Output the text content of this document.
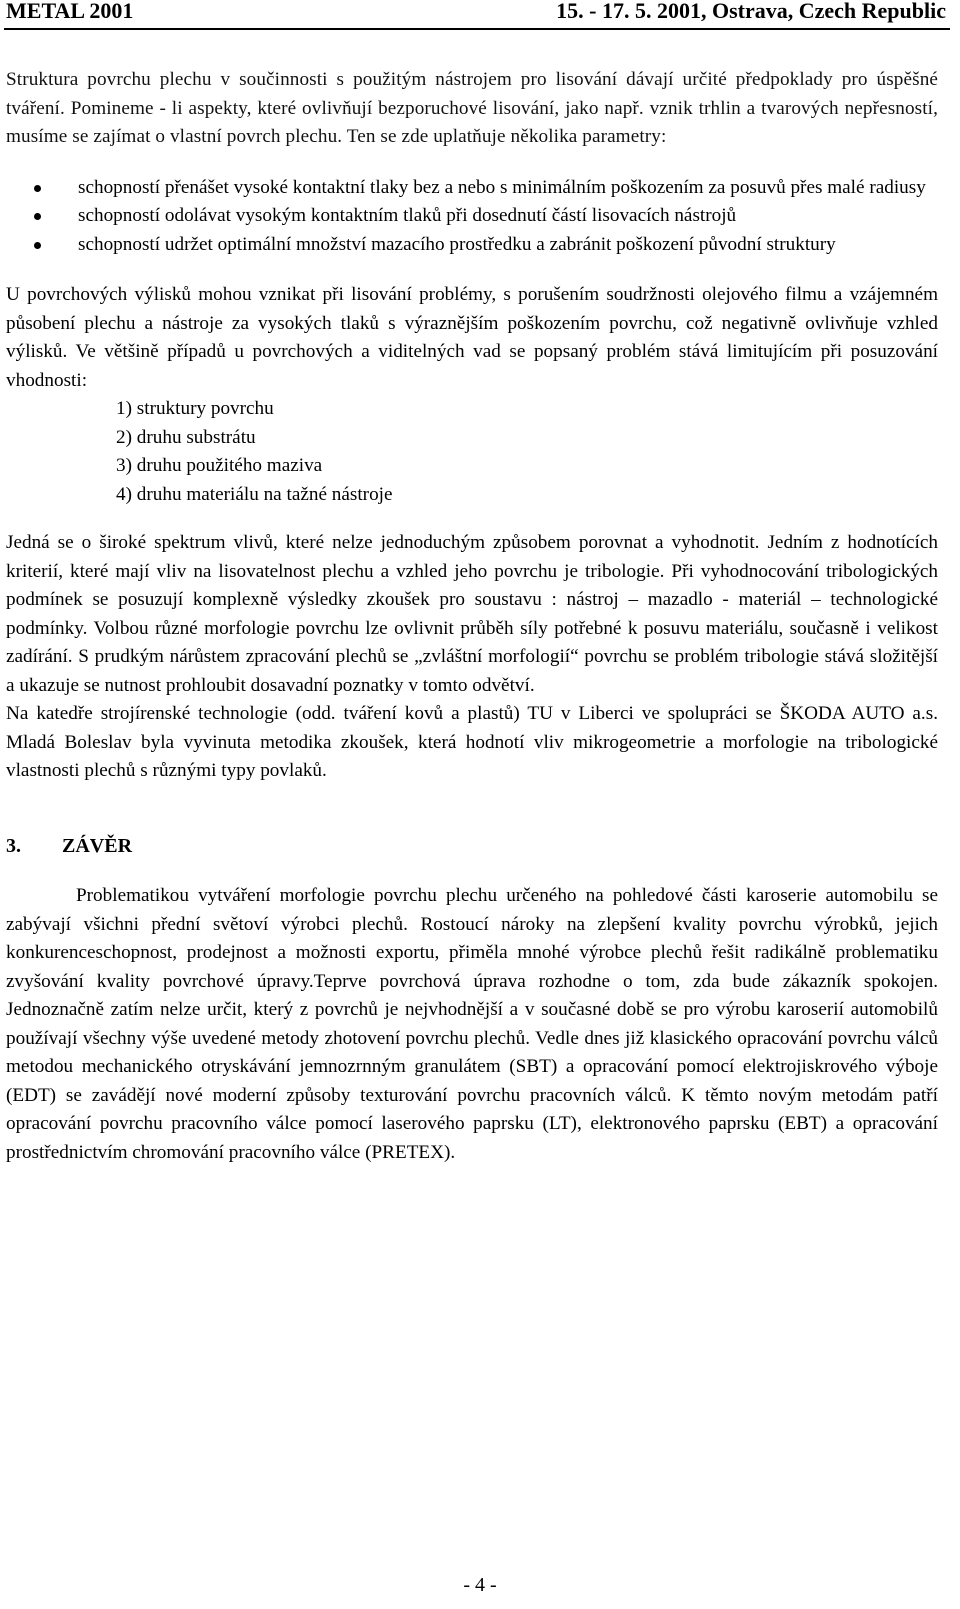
METAL 2001	15. - 17. 5. 2001, Ostrava, Czech Republic

Struktura povrchu plechu v součinnosti s použitým nástrojem pro lisování dávají určité předpoklady pro úspěšné tváření. Pomineme - li aspekty, které ovlivňují bezporuchové lisování, jako např. vznik trhlin a tvarových nepřesností, musíme se zajímat o vlastní povrch plechu. Ten se zde uplatňuje několika parametry:

schopností přenášet vysoké kontaktní tlaky bez a nebo s minimálním poškozením za posuvů přes malé radiusy
schopností odolávat vysokým kontaktním tlaků při dosednutí částí lisovacích nástrojů
schopností udržet optimální množství mazacího prostředku a zabránit poškození původní struktury

U povrchových výlisků mohou vznikat při lisování problémy, s porušením soudržnosti olejového filmu a vzájemném působení plechu a nástroje za vysokých tlaků s výraznějším poškozením povrchu, což negativně ovlivňuje vzhled výlisků. Ve většině případů u povrchových a viditelných vad se popsaný problém stává limitujícím při posuzování vhodnosti:

1) struktury povrchu
2) druhu substrátu
3) druhu použitého maziva
4) druhu materiálu na tažné nástroje

Jedná se o široké spektrum vlivů, které nelze jednoduchým způsobem porovnat a vyhodnotit. Jedním z hodnotících kriterií, které mají vliv na lisovatelnost plechu a vzhled jeho povrchu je tribologie. Při vyhodnocování tribologických podmínek se posuzují komplexně výsledky zkoušek pro soustavu : nástroj – mazadlo - materiál – technologické podmínky. Volbou různé morfologie povrchu lze ovlivnit průběh síly potřebné k posuvu materiálu, současně i velikost zadírání. S prudkým nárůstem zpracování plechů se „zvláštní morfologií“ povrchu se problém tribologie stává složitější a ukazuje se nutnost prohloubit dosavadní poznatky v tomto odvětví.

Na katedře strojírenské technologie (odd. tváření kovů a plastů) TU v Liberci ve spolupráci se ŠKODA AUTO a.s. Mladá Boleslav byla vyvinuta metodika zkoušek, která hodnotí vliv mikrogeometrie a morfologie na tribologické vlastnosti plechů s různými typy povlaků.

3. ZÁVĚR

Problematikou vytváření morfologie povrchu plechu určeného na pohledové části karoserie automobilu se zabývají všichni přední světoví výrobci plechů. Rostoucí nároky na zlepšení kvality povrchu výrobků, jejich konkurenceschopnost, prodejnost a možnosti exportu, přiměla mnohé výrobce plechů řešit radikálně problematiku zvyšování kvality povrchové úpravy.Teprve povrchová úprava rozhodne o tom, zda bude zákazník spokojen. Jednoznačně zatím nelze určit, který z povrchů je nejvhodnější a v současné době se pro výrobu karoserií automobilů používají všechny výše uvedené metody zhotovení povrchu plechů. Vedle dnes již klasického opracování povrchu válců metodou mechanického otryskávání jemnozrnným granulátem (SBT) a opracování pomocí elektrojiskrového výboje (EDT) se zavádějí nové moderní způsoby texturování povrchu pracovních válců. K těmto novým metodám patří opracování povrchu pracovního válce pomocí laserového paprsku (LT), elektronového paprsku (EBT) a opracování prostřednictvím chromování pracovního válce (PRETEX).

- 4 -
